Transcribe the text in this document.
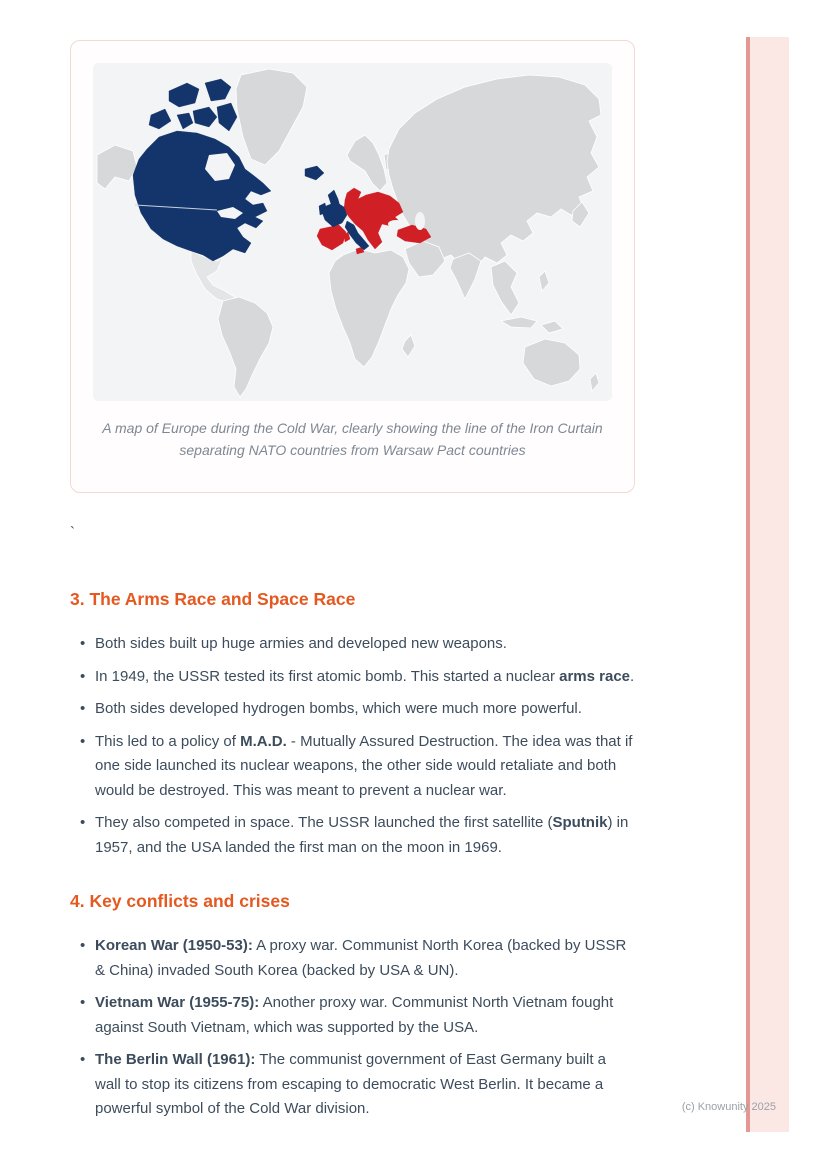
A map of Europe during the Cold War, clearly showing the line of the Iron Curtain
separating NATO countries from Warsaw Pact countries
`
3. The Arms Race and Space Race
• Both sides built up huge armies and developed new weapons.
• In 1949, the USSR tested its first atomic bomb. This started a nuclear arms race.
• Both sides developed hydrogen bombs, which were much more powerful.
• This led to a policy of M.A.D. - Mutually Assured Destruction. The idea was that if one side launched its nuclear weapons, the other side would retaliate and both would be destroyed. This was meant to prevent a nuclear war.
• They also competed in space. The USSR launched the first satellite (Sputnik) in 1957, and the USA landed the first man on the moon in 1969.
4. Key conflicts and crises
• Korean War (1950-53): A proxy war. Communist North Korea (backed by USSR & China) invaded South Korea (backed by USA & UN).
• Vietnam War (1955-75): Another proxy war. Communist North Vietnam fought against South Vietnam, which was supported by the USA.
• The Berlin Wall (1961): The communist government of East Germany built a wall to stop its citizens from escaping to democratic West Berlin. It became a powerful symbol of the Cold War division.	(c) Knowunity 2025
